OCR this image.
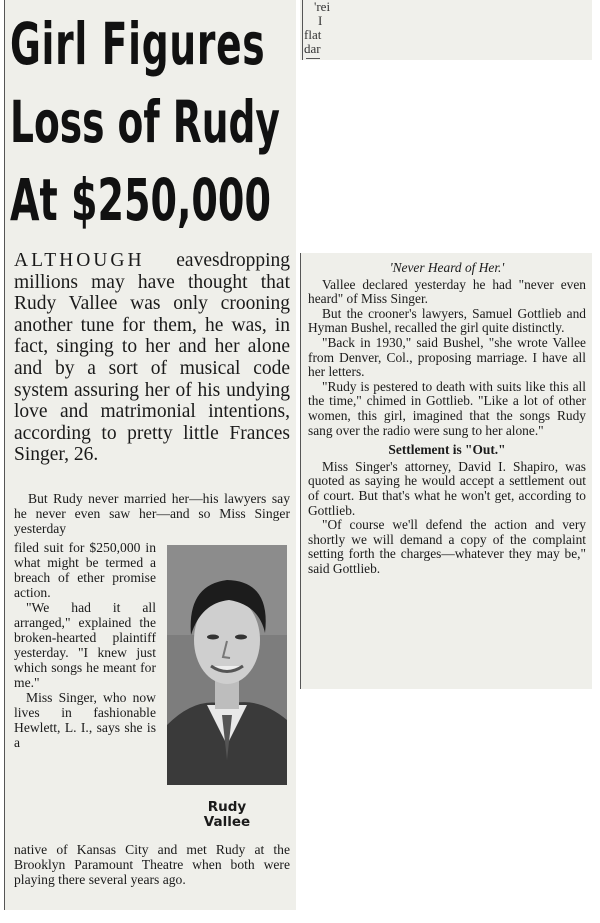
'rei
I
flat
dar
Girl Figures
Loss of Rudy
At $250,000

ALTHOUGH eavesdropping millions may have thought that Rudy Vallee was only crooning another tune for them, he was, in fact, singing to her and her alone and by a sort of musical code system assuring her of his undying love and matrimonial intentions, according to pretty little Frances Singer, 26.

But Rudy never married her—his lawyers say he never even saw her—and so Miss Singer yesterday

filed suit for $250,000 in what might be termed a breach of ether promise action.

"We had it all arranged," explained the broken-hearted plaintiff yesterday. "I knew just which songs he meant for me."

Miss Singer, who now lives in fashionable Hewlett, L. I., says she is a

Rudy
Vallee

native of Kansas City and met Rudy at the Brooklyn Paramount Theatre when both were playing there several years ago.

'Never Heard of Her.'

Vallee declared yesterday he had "never even heard" of Miss Singer.

But the crooner's lawyers, Samuel Gottlieb and Hyman Bushel, recalled the girl quite distinctly.

"Back in 1930," said Bushel, "she wrote Vallee from Denver, Col., proposing marriage. I have all her letters.

"Rudy is pestered to death with suits like this all the time," chimed in Gottlieb. "Like a lot of other women, this girl, imagined that the songs Rudy sang over the radio were sung to her alone."

Settlement is "Out."

Miss Singer's attorney, David I. Shapiro, was quoted as saying he would accept a settlement out of court. But that's what he won't get, according to Gottlieb.

"Of course we'll defend the action and very shortly we will demand a copy of the complaint setting forth the charges—whatever they may be," said Gottlieb.
